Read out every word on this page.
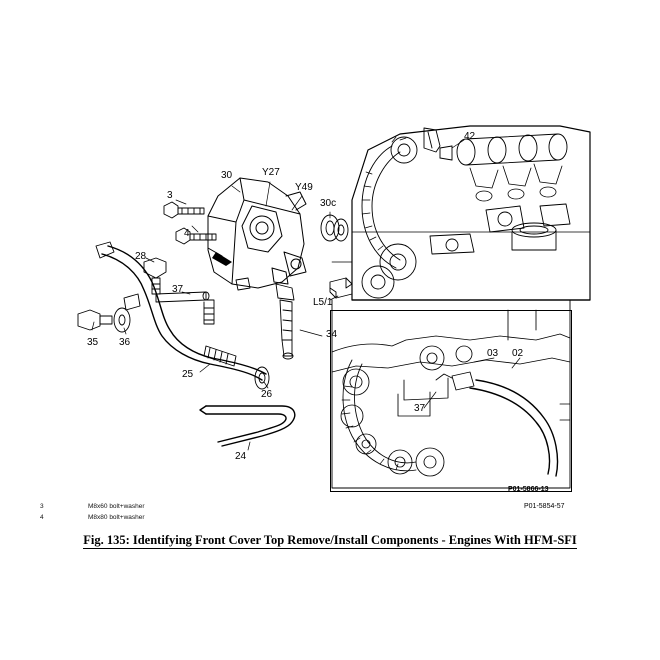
3
4
28
30	Y27
Y49
30c
42
37
35 36
25
26
24
34
L5/1
03 02
37
P01-5866-13
P01-5854-57
3	M8x60 bolt+washer
4	M8x80 bolt+washer
Fig. 135: Identifying Front Cover Top Remove/Install Components - Engines With HFM-SFI
